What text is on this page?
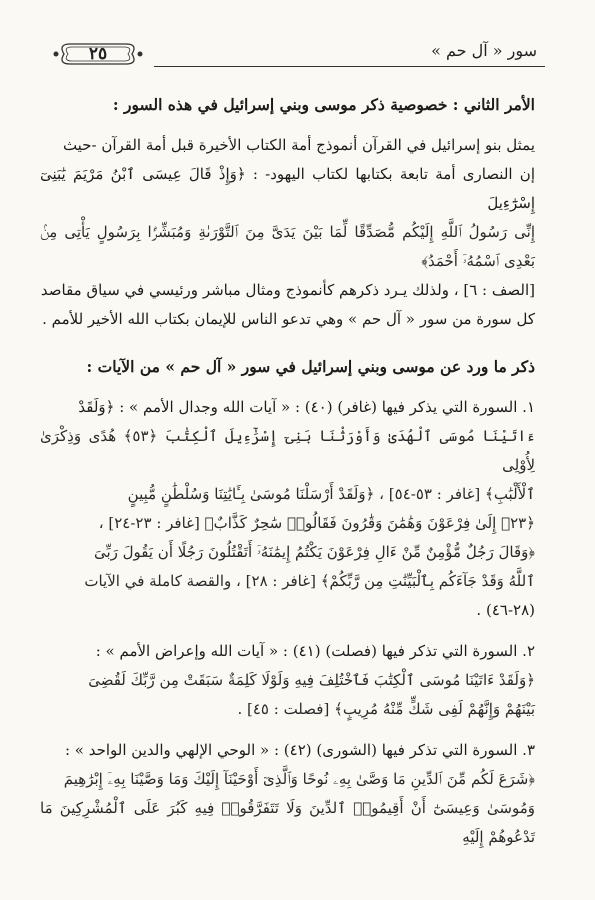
٢٥	سور « آل حم »

الأمر الثاني : خصوصية ذكر موسى وبني إسرائيل في هذه السور :

يمثل بنو إسرائيل في القرآن أنموذج أمة الكتاب الأخيرة قبل أمة القرآن -حيث

إن النصارى أمة تابعة بكتابها لكتاب اليهود- : ﴿وَإِذْ قَالَ عِيسَى ٱبْنُ مَرْيَمَ يَٰبَنِىٓ إِسْرَٰٓءِيلَ

إِنِّى رَسُولُ ٱللَّهِ إِلَيْكُم مُّصَدِّقًا لِّمَا بَيْنَ يَدَىَّ مِنَ ٱلتَّوْرَىٰةِ وَمُبَشِّرًۢا بِرَسُولٍ يَأْتِى مِنۢ بَعْدِى ٱسْمُهُۥٓ أَحْمَدُ﴾

[الصف : ٦] ، ولذلك يـرد ذكرهم كأنموذج ومثال مباشر ورئيسي في سياق مقاصد

كل سورة من سور « آل حم » وهي تدعو الناس للإيمان بكتاب الله الأخير للأمم .

ذكر ما ورد عن موسى وبني إسرائيل في سور « آل حم » من الآيات :

١. السورة التي يذكر فيها (غافر) (٤٠) : « آيات الله وجدال الأمم » : ﴿وَلَقَدْ

ءَاتَيْنَا مُوسَى ٱلْهُدَىٰ وَأَوْرَثْنَا بَنِىٓ إِسْرَٰٓءِيلَ ٱلْكِتَٰبَ ﴿٥٣﴾ هُدًى وَذِكْرَىٰ لِأُوْلِى

ٱلْأَلْبَٰبِ﴾ [غافر : ٥٣-٥٤] ، ﴿وَلَقَدْ أَرْسَلْنَا مُوسَىٰ بِـَٔايَٰتِنَا وَسُلْطَٰنٍ مُّبِينٍ

﴿٢٣﴾ إِلَىٰ فِرْعَوْنَ وَهَٰمَٰنَ وَقَٰرُونَ فَقَالُوا۟ سَٰحِرٌ كَذَّابٌ﴾ [غافر : ٢٣-٢٤] ،

﴿وَقَالَ رَجُلٌ مُّؤْمِنٌ مِّنْ ءَالِ فِرْعَوْنَ يَكْتُمُ إِيمَٰنَهُۥٓ أَتَقْتُلُونَ رَجُلًا أَن يَقُولَ رَبِّىَ

ٱللَّهُ وَقَدْ جَآءَكُم بِٱلْبَيِّنَٰتِ مِن رَّبِّكُمْ﴾ [غافر : ٢٨] ، والقصة كاملة في الآيات

(٢٨-٤٦) .

٢. السورة التي تذكر فيها (فصلت) (٤١) : « آيات الله وإعراض الأمم » :

﴿وَلَقَدْ ءَاتَيْنَا مُوسَى ٱلْكِتَٰبَ فَٱخْتُلِفَ فِيهِ وَلَوْلَا كَلِمَةٌ سَبَقَتْ مِن رَّبِّكَ لَقُضِىَ

بَيْنَهُمْ وَإِنَّهُمْ لَفِى شَكٍّ مِّنْهُ مُرِيبٍ﴾ [فصلت : ٤٥] .

٣. السورة التي تذكر فيها (الشورى) (٤٢) : « الوحي الإلهي والدين الواحد » :

﴿شَرَعَ لَكُم مِّنَ ٱلدِّينِ مَا وَصَّىٰ بِهِۦ نُوحًا وَٱلَّذِىٓ أَوْحَيْنَآ إِلَيْكَ وَمَا وَصَّيْنَا بِهِۦٓ إِبْرَٰهِيمَ

وَمُوسَىٰ وَعِيسَىٰٓ أَنْ أَقِيمُوا۟ ٱلدِّينَ وَلَا تَتَفَرَّقُوا۟ فِيهِ كَبُرَ عَلَى ٱلْمُشْرِكِينَ مَا تَدْعُوهُمْ إِلَيْهِ
